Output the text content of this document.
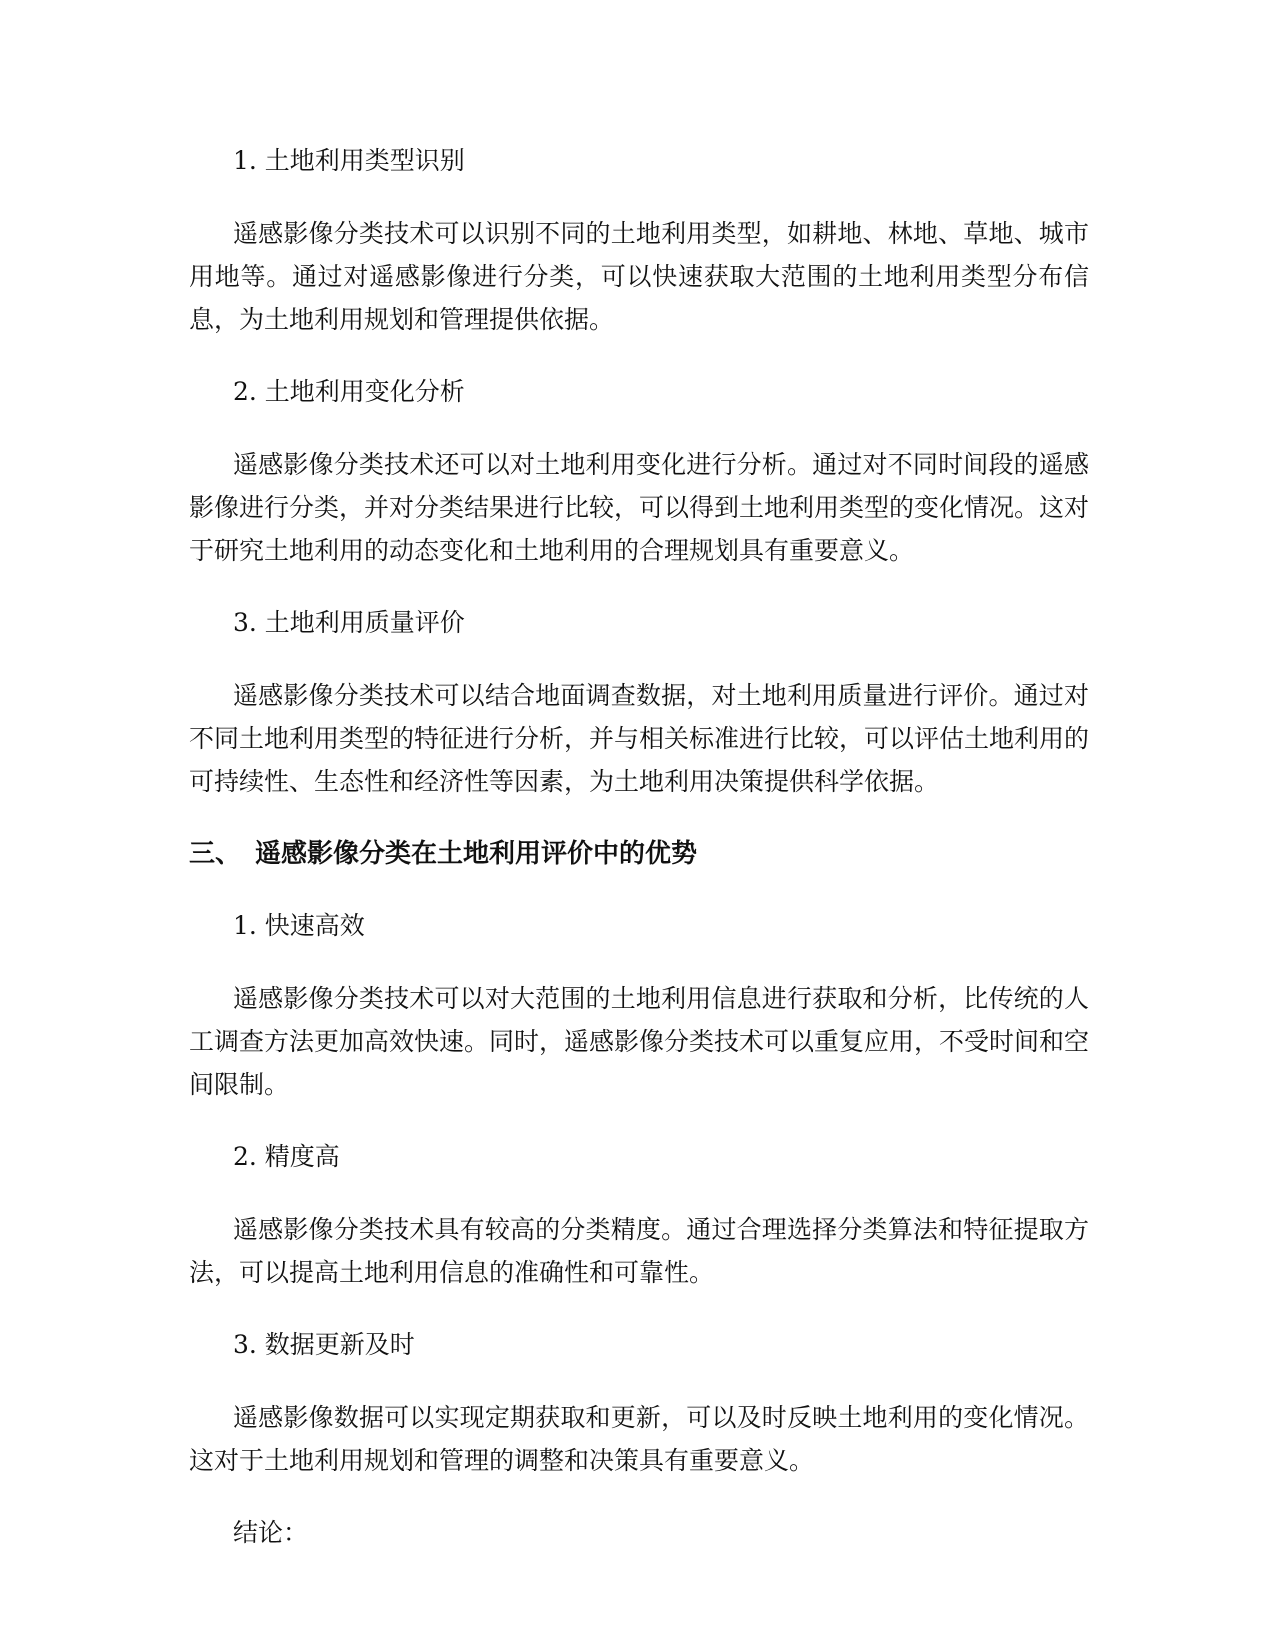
1. 土地利用类型识别

遥感影像分类技术可以识别不同的土地利用类型，如耕地、林地、草地、城市用地等。通过对遥感影像进行分类，可以快速获取大范围的土地利用类型分布信息，为土地利用规划和管理提供依据。

2. 土地利用变化分析

遥感影像分类技术还可以对土地利用变化进行分析。通过对不同时间段的遥感影像进行分类，并对分类结果进行比较，可以得到土地利用类型的变化情况。这对于研究土地利用的动态变化和土地利用的合理规划具有重要意义。

3. 土地利用质量评价

遥感影像分类技术可以结合地面调查数据，对土地利用质量进行评价。通过对不同土地利用类型的特征进行分析，并与相关标准进行比较，可以评估土地利用的可持续性、生态性和经济性等因素，为土地利用决策提供科学依据。

三、 遥感影像分类在土地利用评价中的优势

1. 快速高效

遥感影像分类技术可以对大范围的土地利用信息进行获取和分析，比传统的人工调查方法更加高效快速。同时，遥感影像分类技术可以重复应用，不受时间和空间限制。

2. 精度高

遥感影像分类技术具有较高的分类精度。通过合理选择分类算法和特征提取方法，可以提高土地利用信息的准确性和可靠性。

3. 数据更新及时

遥感影像数据可以实现定期获取和更新，可以及时反映土地利用的变化情况。这对于土地利用规划和管理的调整和决策具有重要意义。

结论：
